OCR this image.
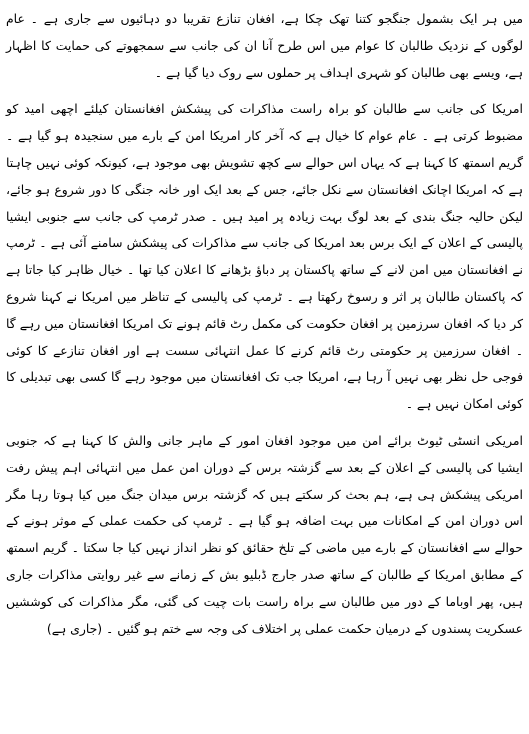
میں ہر ایک بشمول جنگجو کتنا تھک چکا ہے، افغان تنازع تقریبا دو دہائیوں سے جاری ہے ۔ عام لوگوں کے نزدیک طالبان کا عوام میں اس طرح آنا ان کی جانب سے سمجھوتے کی حمایت کا اظہار ہے، ویسے بھی طالبان کو شہری اہداف پر حملوں سے روک دیا گیا ہے ۔

امریکا کی جانب سے طالبان کو براہ راست مذاکرات کی پیشکش افغانستان کیلئے اچھی امید کو مضبوط کرتی ہے ۔ عام عوام کا خیال ہے کہ آخر کار امریکا امن کے بارے میں سنجیدہ ہو گیا ہے ۔ گریم اسمتھ کا کہنا ہے کہ یہاں اس حوالے سے کچھ تشویش بھی موجود ہے، کیونکہ کوئی نہیں چاہتا ہے کہ امریکا اچانک افغانستان سے نکل جائے، جس کے بعد ایک اور خانہ جنگی کا دور شروع ہو جائے، لیکن حالیہ جنگ بندی کے بعد لوگ بہت زیادہ پر امید ہیں ۔ صدر ٹرمپ کی جانب سے جنوبی ایشیا پالیسی کے اعلان کے ایک برس بعد امریکا کی جانب سے مذاکرات کی پیشکش سامنے آئی ہے ۔ ٹرمپ نے افغانستان میں امن لانے کے ساتھ پاکستان پر دباؤ بڑھانے کا اعلان کیا تھا ۔ خیال ظاہر کیا جاتا ہے کہ پاکستان طالبان پر اثر و رسوخ رکھتا ہے ۔ ٹرمپ کی پالیسی کے تناظر میں امریکا نے کہنا شروع کر دیا کہ افغان سرزمین پر افغان حکومت کی مکمل رٹ قائم ہونے تک امریکا افغانستان میں رہے گا ۔ افغان سرزمین پر حکومتی رٹ قائم کرنے کا عمل انتہائی سست ہے اور افغان تنازعے کا کوئی فوجی حل نظر بھی نہیں آ رہا ہے، امریکا جب تک افغانستان میں موجود رہے گا کسی بھی تبدیلی کا کوئی امکان نہیں ہے ۔

امریکی انسٹی ٹیوٹ برائے امن میں موجود افغان امور کے ماہر جانی والش کا کہنا ہے کہ جنوبی ایشیا کی پالیسی کے اعلان کے بعد سے گزشتہ برس کے دوران امن عمل میں انتہائی اہم پیش رفت امریکی پیشکش ہی ہے، ہم بحث کر سکتے ہیں کہ گزشتہ برس میدان جنگ میں کیا ہوتا رہا مگر اس دوران امن کے امکانات میں بہت اضافہ ہو گیا ہے ۔ ٹرمپ کی حکمت عملی کے موثر ہونے کے حوالے سے افغانستان کے بارے میں ماضی کے تلخ حقائق کو نظر انداز نہیں کیا جا سکتا ۔ گریم اسمتھ کے مطابق امریکا کے طالبان کے ساتھ صدر جارج ڈبلیو بش کے زمانے سے غیر روایتی مذاکرات جاری ہیں، پھر اوباما کے دور میں طالبان سے براہ راست بات چیت کی گئی، مگر مذاکرات کی کوششیں عسکریت پسندوں کے درمیان حکمت عملی پر اختلاف کی وجہ سے ختم ہو گئیں ۔ (جاری ہے)
